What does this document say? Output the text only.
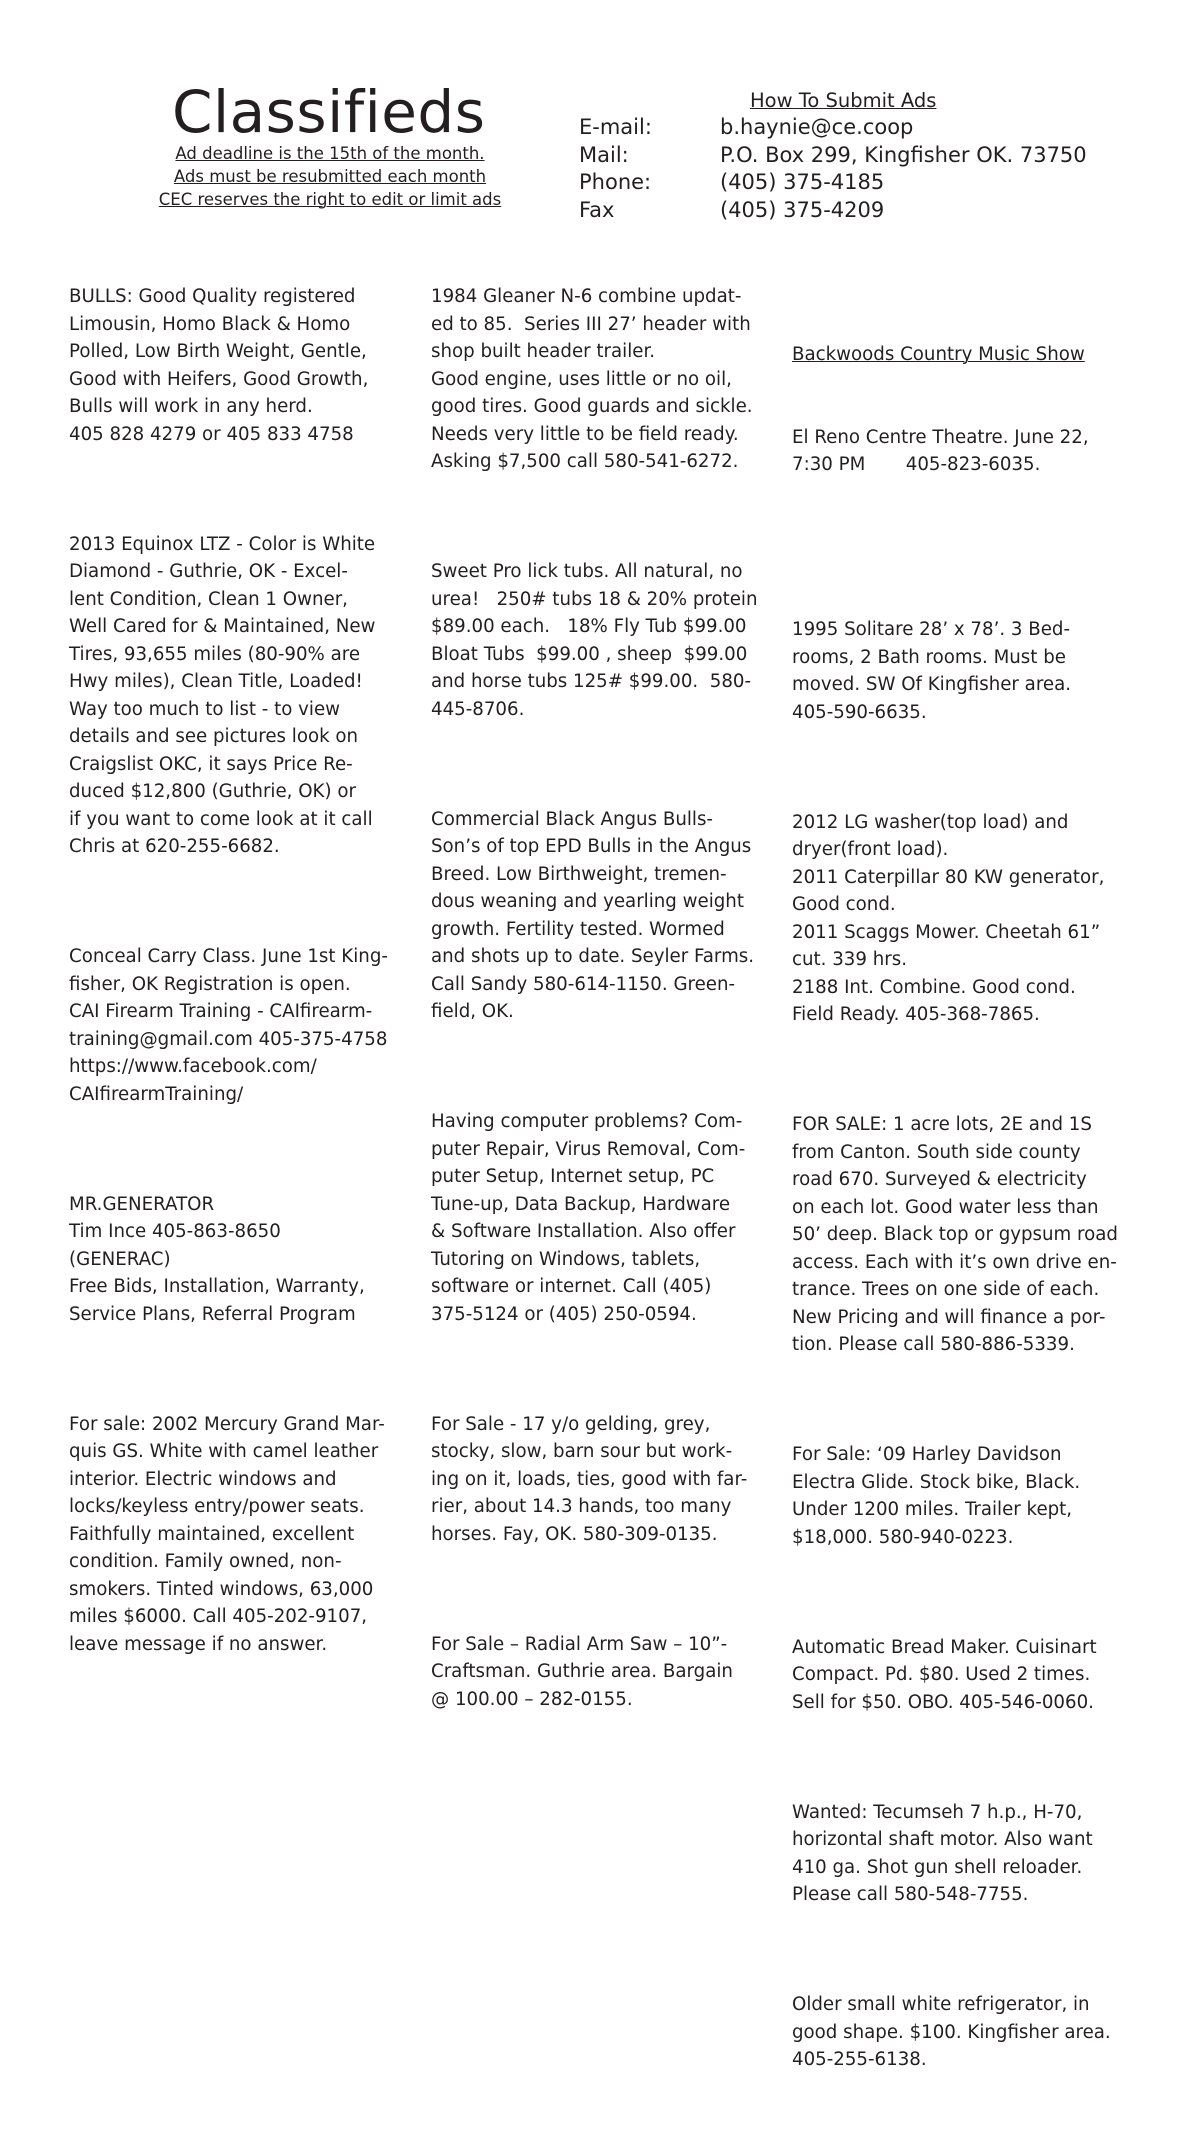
Classifieds
Ad deadline is the 15th of the month.
Ads must be resubmitted each month
CEC reserves the right to edit or limit ads
How To Submit Ads
E-mail:	b.haynie@ce.coop
Mail:	P.O. Box 299, Kingfisher OK. 73750
Phone:	(405) 375-4185
Fax	(405) 375-4209

BULLS: Good Quality registered
Limousin, Homo Black & Homo
Polled, Low Birth Weight, Gentle,
Good with Heifers, Good Growth,
Bulls will work in any herd.
405 828 4279 or 405 833 4758

2013 Equinox LTZ - Color is White
Diamond - Guthrie, OK - Excel-
lent Condition, Clean 1 Owner,
Well Cared for & Maintained, New
Tires, 93,655 miles (80-90% are
Hwy miles), Clean Title, Loaded!
Way too much to list - to view
details and see pictures look on
Craigslist OKC, it says Price Re-
duced $12,800 (Guthrie, OK) or
if you want to come look at it call
Chris at 620-255-6682.

Conceal Carry Class. June 1st King-
fisher, OK Registration is open.
CAI Firearm Training - CAIfirearm-
training@gmail.com 405-375-4758
https://www.facebook.com/
CAIfirearmTraining/

MR.GENERATOR
Tim Ince 405-863-8650
(GENERAC)
Free Bids, Installation, Warranty,
Service Plans, Referral Program

For sale: 2002 Mercury Grand Mar-
quis GS. White with camel leather
interior. Electric windows and
locks/keyless entry/power seats.
Faithfully maintained, excellent
condition. Family owned, non-
smokers. Tinted windows, 63,000
miles $6000. Call 405-202-9107,
leave message if no answer.

1984 Gleaner N-6 combine updat-
ed to 85.  Series III 27’ header with
shop built header trailer.
Good engine, uses little or no oil,
good tires. Good guards and sickle.
Needs very little to be field ready.
Asking $7,500 call 580-541-6272.

Sweet Pro lick tubs. All natural, no
urea!   250# tubs 18 & 20% protein
$89.00 each.   18% Fly Tub $99.00
Bloat Tubs  $99.00 , sheep  $99.00
and horse tubs 125# $99.00.  580-
445-8706.

Commercial Black Angus Bulls-
Son’s of top EPD Bulls in the Angus
Breed. Low Birthweight, tremen-
dous weaning and yearling weight
growth. Fertility tested. Wormed
and shots up to date. Seyler Farms.
Call Sandy 580-614-1150. Green-
field, OK.

Having computer problems? Com-
puter Repair, Virus Removal, Com-
puter Setup, Internet setup, PC
Tune-up, Data Backup, Hardware
& Software Installation. Also offer
Tutoring on Windows, tablets,
software or internet. Call (405)
375-5124 or (405) 250-0594.

For Sale - 17 y/o gelding, grey,
stocky, slow, barn sour but work-
ing on it, loads, ties, good with far-
rier, about 14.3 hands, too many
horses. Fay, OK. 580-309-0135.

For Sale – Radial Arm Saw – 10”-
Craftsman. Guthrie area. Bargain
@ 100.00 – 282-0155.

Backwoods Country Music Show

El Reno Centre Theatre. June 22,
7:30 PM       405-823-6035.

1995 Solitare 28’ x 78’. 3 Bed-
rooms, 2 Bath rooms. Must be
moved. SW Of Kingfisher area.
405-590-6635.

2012 LG washer(top load) and
dryer(front load).
2011 Caterpillar 80 KW generator,
Good cond.
2011 Scaggs Mower. Cheetah 61”
cut. 339 hrs.
2188 Int. Combine. Good cond.
Field Ready. 405-368-7865.

FOR SALE: 1 acre lots, 2E and 1S
from Canton. South side county
road 670. Surveyed & electricity
on each lot. Good water less than
50’ deep. Black top or gypsum road
access. Each with it’s own drive en-
trance. Trees on one side of each.
New Pricing and will finance a por-
tion. Please call 580-886-5339.

For Sale: ‘09 Harley Davidson
Electra Glide. Stock bike, Black.
Under 1200 miles. Trailer kept,
$18,000. 580-940-0223.

Automatic Bread Maker. Cuisinart
Compact. Pd. $80. Used 2 times.
Sell for $50. OBO. 405-546-0060.

Wanted: Tecumseh 7 h.p., H-70,
horizontal shaft motor. Also want
410 ga. Shot gun shell reloader.
Please call 580-548-7755.

Older small white refrigerator, in
good shape. $100. Kingfisher area.
405-255-6138.
